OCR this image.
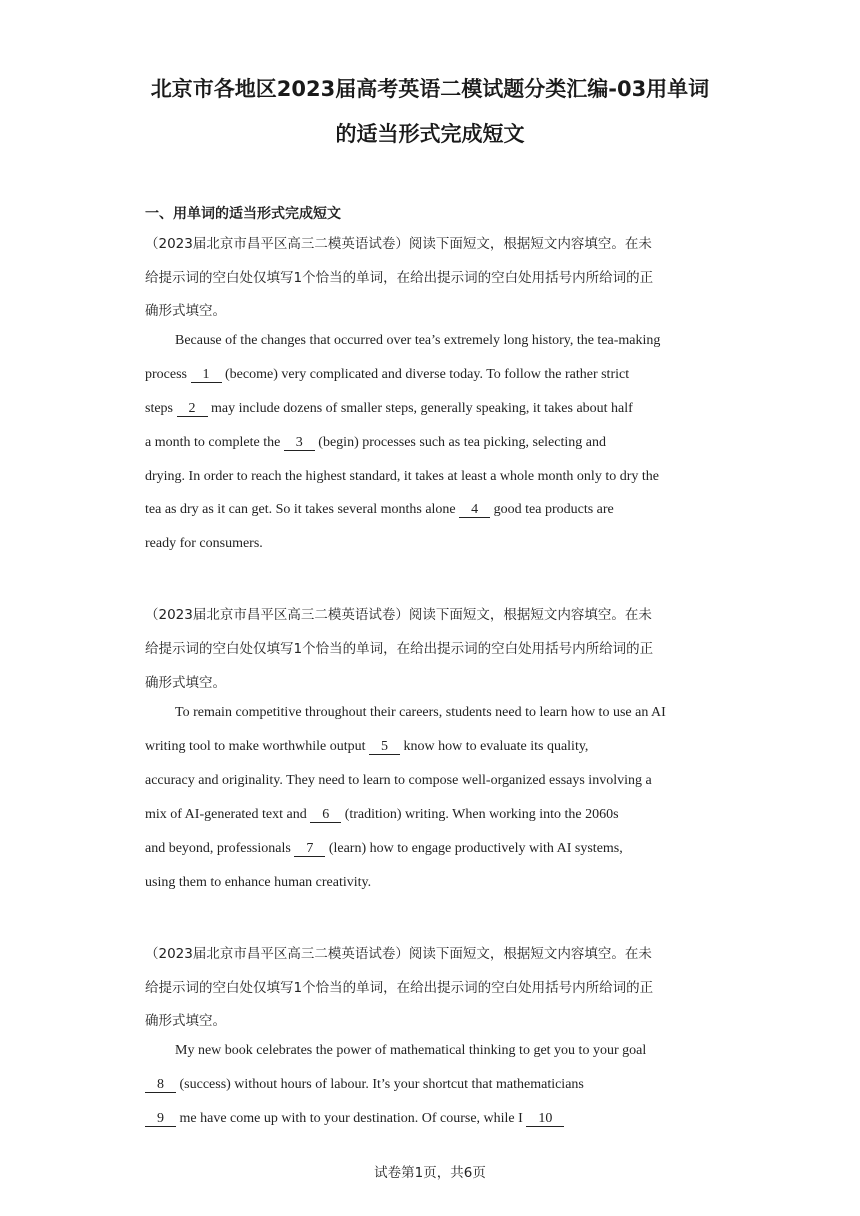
北京市各地区2023届高考英语二模试题分类汇编-03用单词
的适当形式完成短文
一、用单词的适当形式完成短文
（2023届北京市昌平区高三二模英语试卷）阅读下面短文，根据短文内容填空。在未
给提示词的空白处仅填写1个恰当的单词，在给出提示词的空白处用括号内所给词的正
确形式填空。
Because of the changes that occurred over tea’s extremely long history, the tea-making
process 1 (become) very complicated and diverse today. To follow the rather strict
steps 2 may include dozens of smaller steps, generally speaking, it takes about half
a month to complete the 3 (begin) processes such as tea picking, selecting and
drying. In order to reach the highest standard, it takes at least a whole month only to dry the
tea as dry as it can get. So it takes several months alone 4 good tea products are
ready for consumers.
（2023届北京市昌平区高三二模英语试卷）阅读下面短文，根据短文内容填空。在未
给提示词的空白处仅填写1个恰当的单词，在给出提示词的空白处用括号内所给词的正
确形式填空。
To remain competitive throughout their careers, students need to learn how to use an AI
writing tool to make worthwhile output 5 know how to evaluate its quality,
accuracy and originality. They need to learn to compose well-organized essays involving a
mix of AI-generated text and 6 (tradition) writing. When working into the 2060s
and beyond, professionals 7 (learn) how to engage productively with AI systems,
using them to enhance human creativity.
（2023届北京市昌平区高三二模英语试卷）阅读下面短文，根据短文内容填空。在未
给提示词的空白处仅填写1个恰当的单词，在给出提示词的空白处用括号内所给词的正
确形式填空。
My new book celebrates the power of mathematical thinking to get you to your goal
8 (success) without hours of labour. It’s your shortcut that mathematicians
9 me have come up with to your destination. Of course, while I 10
试卷第1页，共6页
